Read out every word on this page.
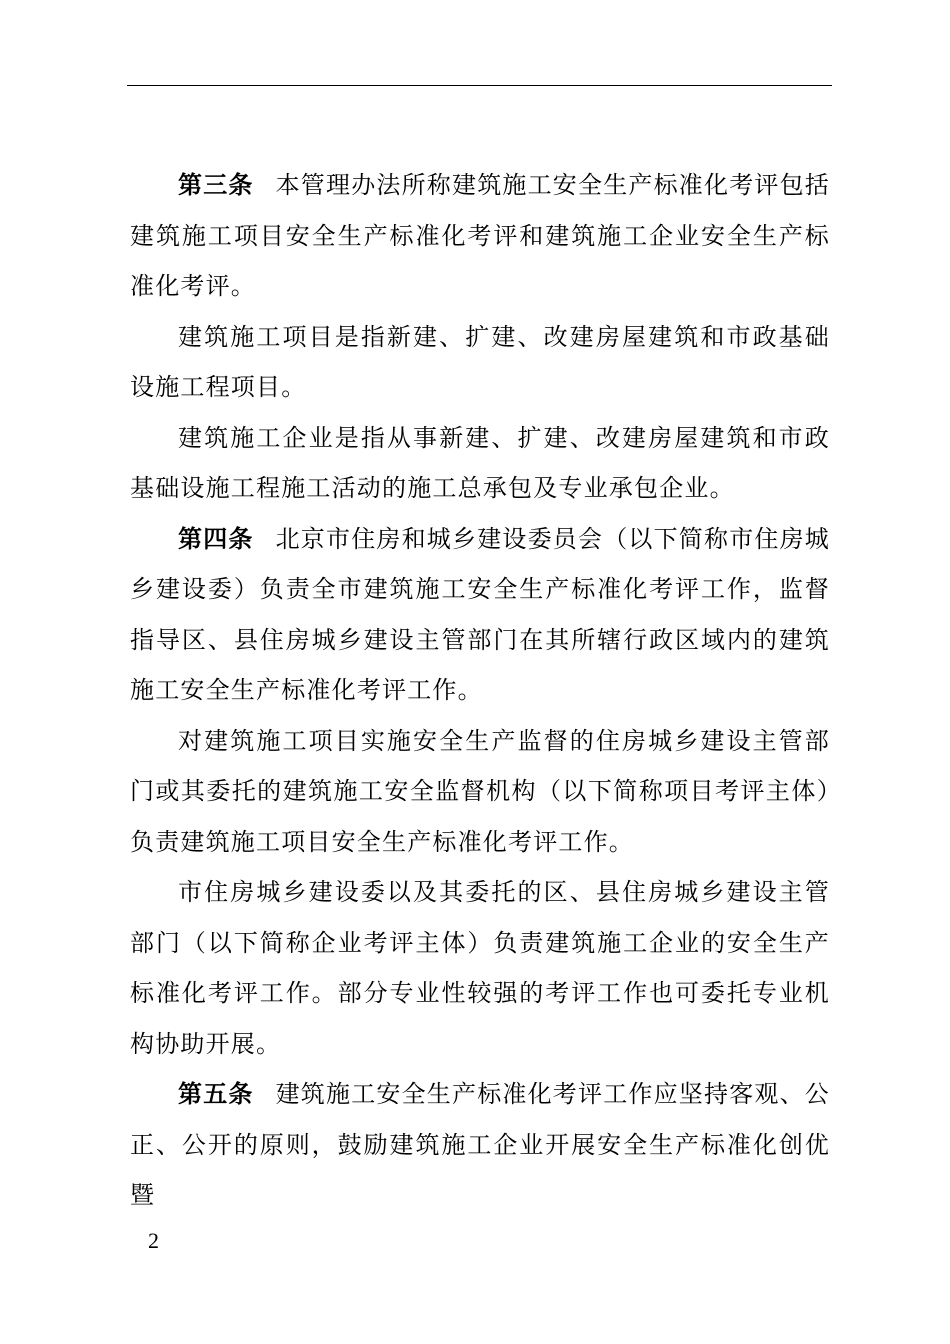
第三条 本管理办法所称建筑施工安全生产标准化考评包括建筑施工项目安全生产标准化考评和建筑施工企业安全生产标准化考评。

建筑施工项目是指新建、扩建、改建房屋建筑和市政基础设施工程项目。

建筑施工企业是指从事新建、扩建、改建房屋建筑和市政基础设施工程施工活动的施工总承包及专业承包企业。

第四条 北京市住房和城乡建设委员会（以下简称市住房城乡建设委）负责全市建筑施工安全生产标准化考评工作，监督指导区、县住房城乡建设主管部门在其所辖行政区域内的建筑施工安全生产标准化考评工作。

对建筑施工项目实施安全生产监督的住房城乡建设主管部门或其委托的建筑施工安全监督机构（以下简称项目考评主体）负责建筑施工项目安全生产标准化考评工作。

市住房城乡建设委以及其委托的区、县住房城乡建设主管部门（以下简称企业考评主体）负责建筑施工企业的安全生产标准化考评工作。部分专业性较强的考评工作也可委托专业机构协助开展。

第五条 建筑施工安全生产标准化考评工作应坚持客观、公正、公开的原则，鼓励建筑施工企业开展安全生产标准化创优暨

2
